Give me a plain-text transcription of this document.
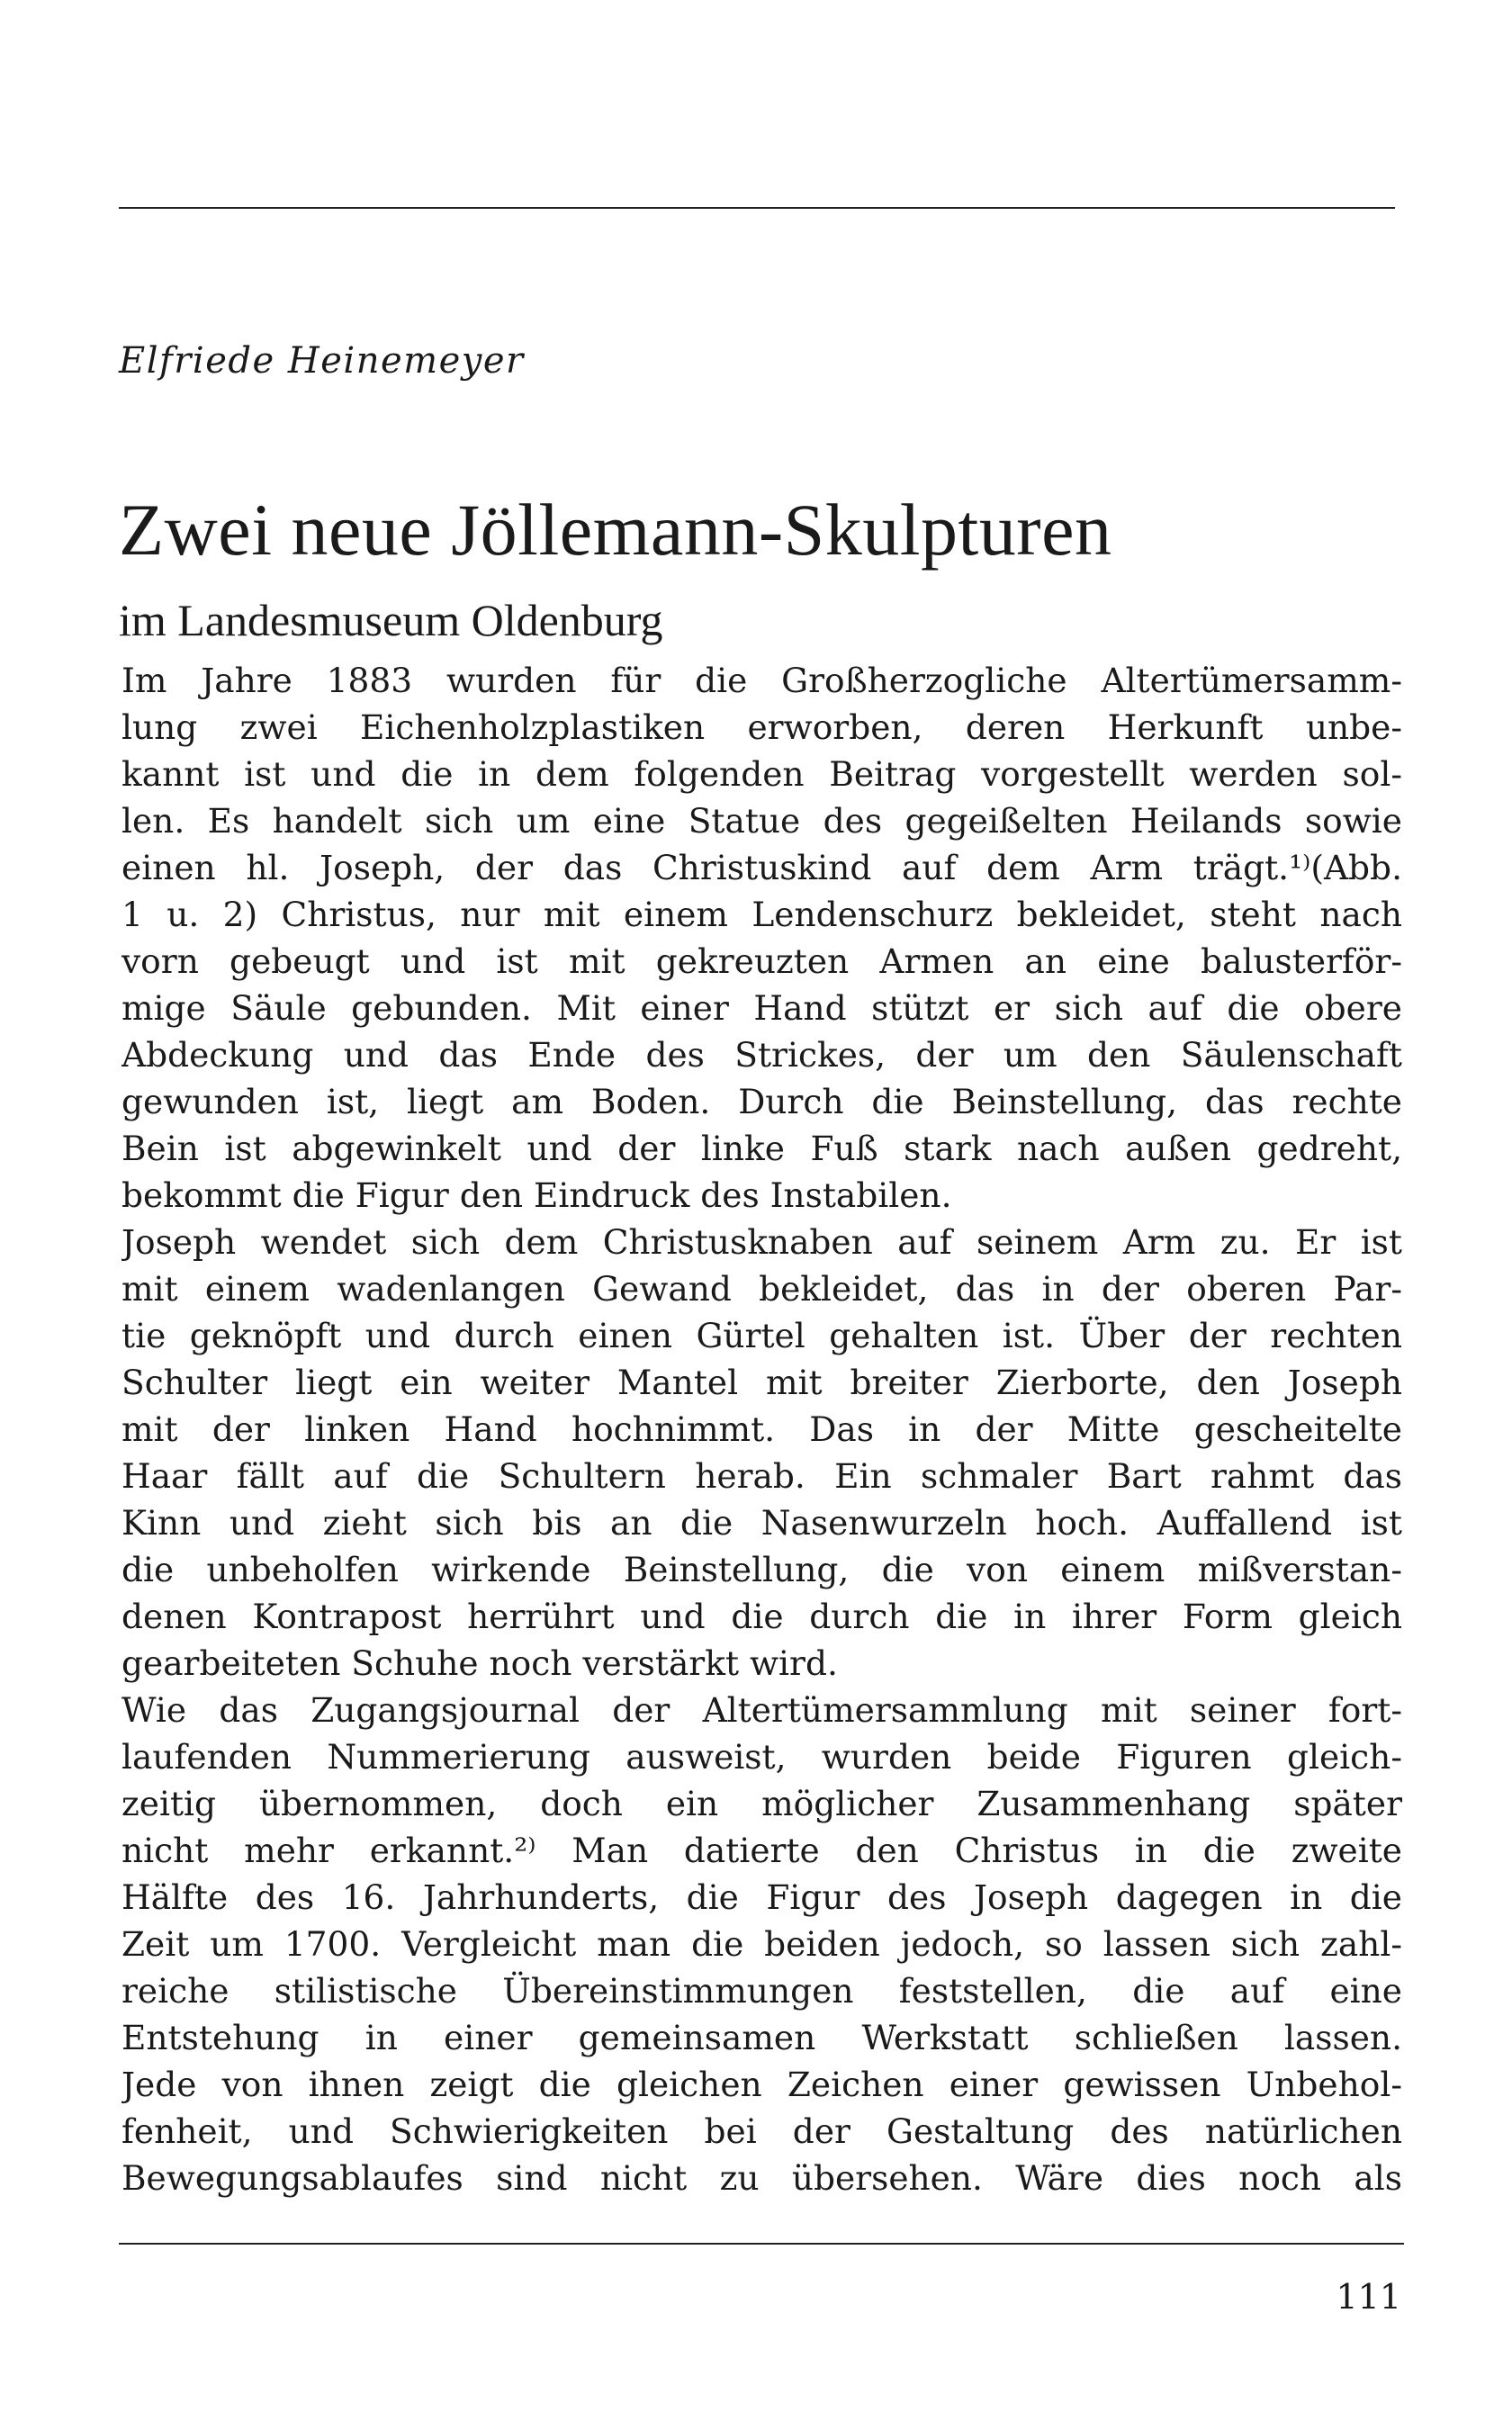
Elfriede Heinemeyer
Zwei neue Jöllemann-Skulpturen
im Landesmuseum Oldenburg
Im Jahre 1883 wurden für die Großherzogliche Altertümersamm-
lung zwei Eichenholzplastiken erworben, deren Herkunft unbe-
kannt ist und die in dem folgenden Beitrag vorgestellt werden sol-
len. Es handelt sich um eine Statue des gegeißelten Heilands sowie
einen hl. Joseph, der das Christuskind auf dem Arm trägt.¹⁾(Abb.
1 u. 2) Christus, nur mit einem Lendenschurz bekleidet, steht nach
vorn gebeugt und ist mit gekreuzten Armen an eine balusterför-
mige Säule gebunden. Mit einer Hand stützt er sich auf die obere
Abdeckung und das Ende des Strickes, der um den Säulenschaft
gewunden ist, liegt am Boden. Durch die Beinstellung, das rechte
Bein ist abgewinkelt und der linke Fuß stark nach außen gedreht,
bekommt die Figur den Eindruck des Instabilen.
Joseph wendet sich dem Christusknaben auf seinem Arm zu. Er ist
mit einem wadenlangen Gewand bekleidet, das in der oberen Par-
tie geknöpft und durch einen Gürtel gehalten ist. Über der rechten
Schulter liegt ein weiter Mantel mit breiter Zierborte, den Joseph
mit der linken Hand hochnimmt. Das in der Mitte gescheitelte
Haar fällt auf die Schultern herab. Ein schmaler Bart rahmt das
Kinn und zieht sich bis an die Nasenwurzeln hoch. Auffallend ist
die unbeholfen wirkende Beinstellung, die von einem mißverstan-
denen Kontrapost herrührt und die durch die in ihrer Form gleich
gearbeiteten Schuhe noch verstärkt wird.
Wie das Zugangsjournal der Altertümersammlung mit seiner fort-
laufenden Nummerierung ausweist, wurden beide Figuren gleich-
zeitig übernommen, doch ein möglicher Zusammenhang später
nicht mehr erkannt.²⁾ Man datierte den Christus in die zweite
Hälfte des 16. Jahrhunderts, die Figur des Joseph dagegen in die
Zeit um 1700. Vergleicht man die beiden jedoch, so lassen sich zahl-
reiche stilistische Übereinstimmungen feststellen, die auf eine
Entstehung in einer gemeinsamen Werkstatt schließen lassen.
Jede von ihnen zeigt die gleichen Zeichen einer gewissen Unbehol-
fenheit, und Schwierigkeiten bei der Gestaltung des natürlichen
Bewegungsablaufes sind nicht zu übersehen. Wäre dies noch als
111
